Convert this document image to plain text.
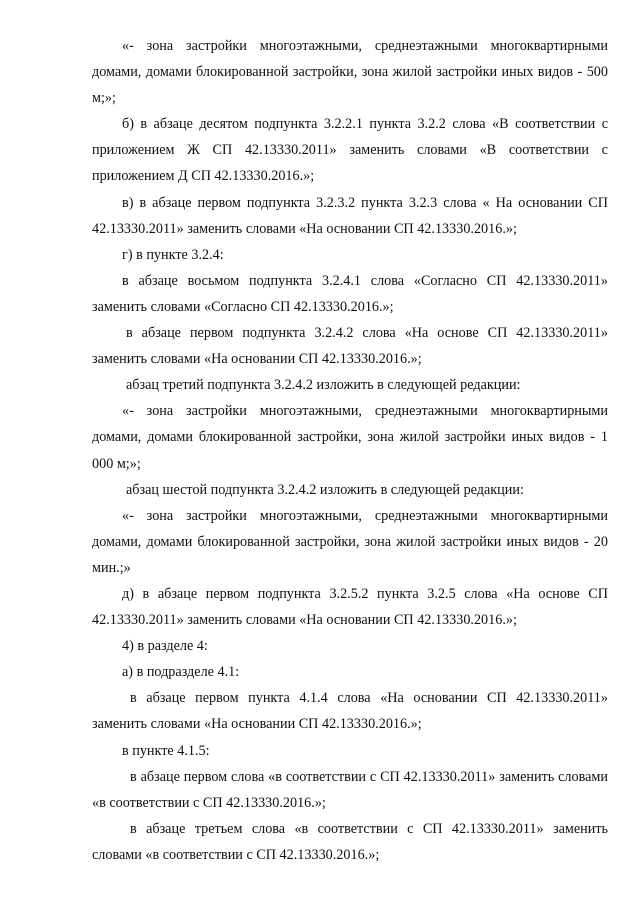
«- зона застройки многоэтажными, среднеэтажными многоквартирными домами, домами блокированной застройки, зона жилой застройки иных видов - 500 м;»;

б) в абзаце десятом подпункта 3.2.2.1 пункта 3.2.2 слова «В соответствии с приложением Ж СП 42.13330.2011» заменить словами «В соответствии с приложением Д СП 42.13330.2016.»;

в) в абзаце первом подпункта 3.2.3.2 пункта 3.2.3 слова « На основании СП 42.13330.2011» заменить словами «На основании СП 42.13330.2016.»;

г) в пункте 3.2.4:

в абзаце восьмом подпункта 3.2.4.1 слова «Согласно СП 42.13330.2011» заменить словами «Согласно СП 42.13330.2016.»;

в абзаце первом подпункта 3.2.4.2 слова «На основе СП 42.13330.2011» заменить словами «На основании СП 42.13330.2016.»;

абзац третий подпункта 3.2.4.2 изложить в следующей редакции:

«- зона застройки многоэтажными, среднеэтажными многоквартирными домами, домами блокированной застройки, зона жилой застройки иных видов - 1 000 м;»;

абзац шестой подпункта 3.2.4.2 изложить в следующей редакции:

«- зона застройки многоэтажными, среднеэтажными многоквартирными домами, домами блокированной застройки, зона жилой застройки иных видов - 20 мин.;»

д) в абзаце первом подпункта 3.2.5.2 пункта 3.2.5 слова «На основе СП 42.13330.2011» заменить словами «На основании СП 42.13330.2016.»;

4) в разделе 4:

а) в подразделе 4.1:

в абзаце первом пункта 4.1.4 слова «На основании СП 42.13330.2011» заменить словами «На основании СП 42.13330.2016.»;

в пункте 4.1.5:

в абзаце первом слова «в соответствии с СП 42.13330.2011» заменить словами «в соответствии с СП 42.13330.2016.»;

в абзаце третьем слова «в соответствии с СП 42.13330.2011» заменить словами «в соответствии с СП 42.13330.2016.»;
